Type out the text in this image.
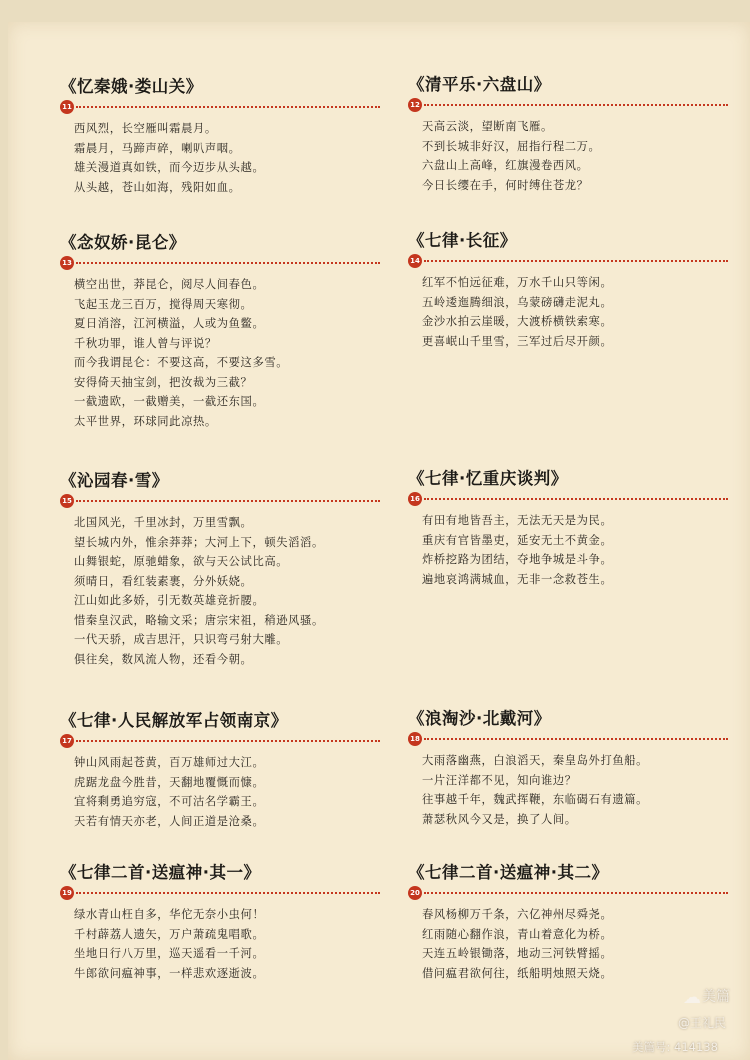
《忆秦娥·娄山关》
11
西风烈，长空雁叫霜晨月。
霜晨月，马蹄声碎，喇叭声咽。
雄关漫道真如铁，而今迈步从头越。
从头越，苍山如海，残阳如血。
《清平乐·六盘山》
12
天高云淡，望断南飞雁。
不到长城非好汉，屈指行程二万。
六盘山上高峰，红旗漫卷西风。
今日长缨在手，何时缚住苍龙？
《念奴娇·昆仑》
13
横空出世，莽昆仑，阅尽人间春色。
飞起玉龙三百万，搅得周天寒彻。
夏日消溶，江河横溢，人或为鱼鳖。
千秋功罪，谁人曾与评说？
而今我谓昆仑：不要这高，不要这多雪。
安得倚天抽宝剑，把汝裁为三截？
一截遗欧，一截赠美，一截还东国。
太平世界，环球同此凉热。
《七律·长征》
14
红军不怕远征难，万水千山只等闲。
五岭逶迤腾细浪，乌蒙磅礴走泥丸。
金沙水拍云崖暖，大渡桥横铁索寒。
更喜岷山千里雪，三军过后尽开颜。
《沁园春·雪》
15
北国风光，千里冰封，万里雪飘。
望长城内外，惟余莽莽；大河上下，顿失滔滔。
山舞银蛇，原驰蜡象，欲与天公试比高。
须晴日，看红装素裹，分外妖娆。
江山如此多娇，引无数英雄竞折腰。
惜秦皇汉武，略输文采；唐宗宋祖，稍逊风骚。
一代天骄，成吉思汗，只识弯弓射大雕。
俱往矣，数风流人物，还看今朝。
《七律·忆重庆谈判》
16
有田有地皆吾主，无法无天是为民。
重庆有官皆墨吏，延安无土不黄金。
炸桥挖路为团结，夺地争城是斗争。
遍地哀鸿满城血，无非一念救苍生。
《七律·人民解放军占领南京》
17
钟山风雨起苍黄，百万雄师过大江。
虎踞龙盘今胜昔，天翻地覆慨而慷。
宜将剩勇追穷寇，不可沽名学霸王。
天若有情天亦老，人间正道是沧桑。
《浪淘沙·北戴河》
18
大雨落幽燕，白浪滔天，秦皇岛外打鱼船。
一片汪洋都不见，知向谁边？
往事越千年，魏武挥鞭，东临碣石有遗篇。
萧瑟秋风今又是，换了人间。
《七律二首·送瘟神·其一》
19
绿水青山枉自多，华佗无奈小虫何！
千村薜荔人遗矢，万户萧疏鬼唱歌。
坐地日行八万里，巡天遥看一千河。
牛郎欲问瘟神事，一样悲欢逐逝波。
《七律二首·送瘟神·其二》
20
春风杨柳万千条，六亿神州尽舜尧。
红雨随心翻作浪，青山着意化为桥。
天连五岭银锄落，地动三河铁臂摇。
借问瘟君欲何往，纸船明烛照天烧。
☁ 美篇
@王礼民
美篇号: 414138
